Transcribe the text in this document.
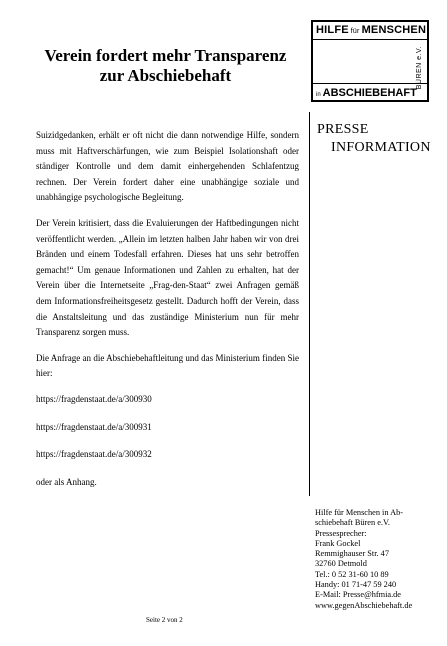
Verein fordert mehr Transparenz
zur Abschiebehaft
HILFE für MENSCHEN
BÜREN e.V.
in ABSCHIEBEHAFT
PRESSE
INFORMATION

Suizidgedanken, erhält er oft nicht die dann notwendige Hilfe, sondern muss mit Haftverschärfungen, wie zum Beispiel Isolationshaft oder ständiger Kontrolle und dem damit einhergehenden Schlafentzug rechnen. Der Verein fordert daher eine unabhängige soziale und unabhängige psychologische Begleitung.

Der Verein kritisiert, dass die Evaluierungen der Haftbedingungen nicht veröffentlicht werden. „Allein im letzten halben Jahr haben wir von drei Bränden und einem Todesfall erfahren. Dieses hat uns sehr betroffen gemacht!“ Um genaue Informationen und Zahlen zu erhalten, hat der Verein über die Internetseite „Frag-den-Staat“ zwei Anfragen gemäß dem Informationsfreiheitsgesetz gestellt. Dadurch hofft der Verein, dass die Anstaltsleitung und das zuständige Ministerium nun für mehr Transparenz sorgen muss.

Die Anfrage an die Abschiebehaftleitung und das Ministerium finden Sie hier:

https://fragdenstaat.de/a/300930

https://fragdenstaat.de/a/300931

https://fragdenstaat.de/a/300932

oder als Anhang.

Seite 2 von 2
Hilfe für Menschen in Ab-
schiebehaft Büren e.V.
Pressesprecher:
Frank Gockel
Remmighauser Str. 47
32760 Detmold
Tel.: 0 52 31-60 10 89
Handy: 01 71-47 59 240
E-Mail: Presse@hfmia.de
www.gegenAbschiebehaft.de
